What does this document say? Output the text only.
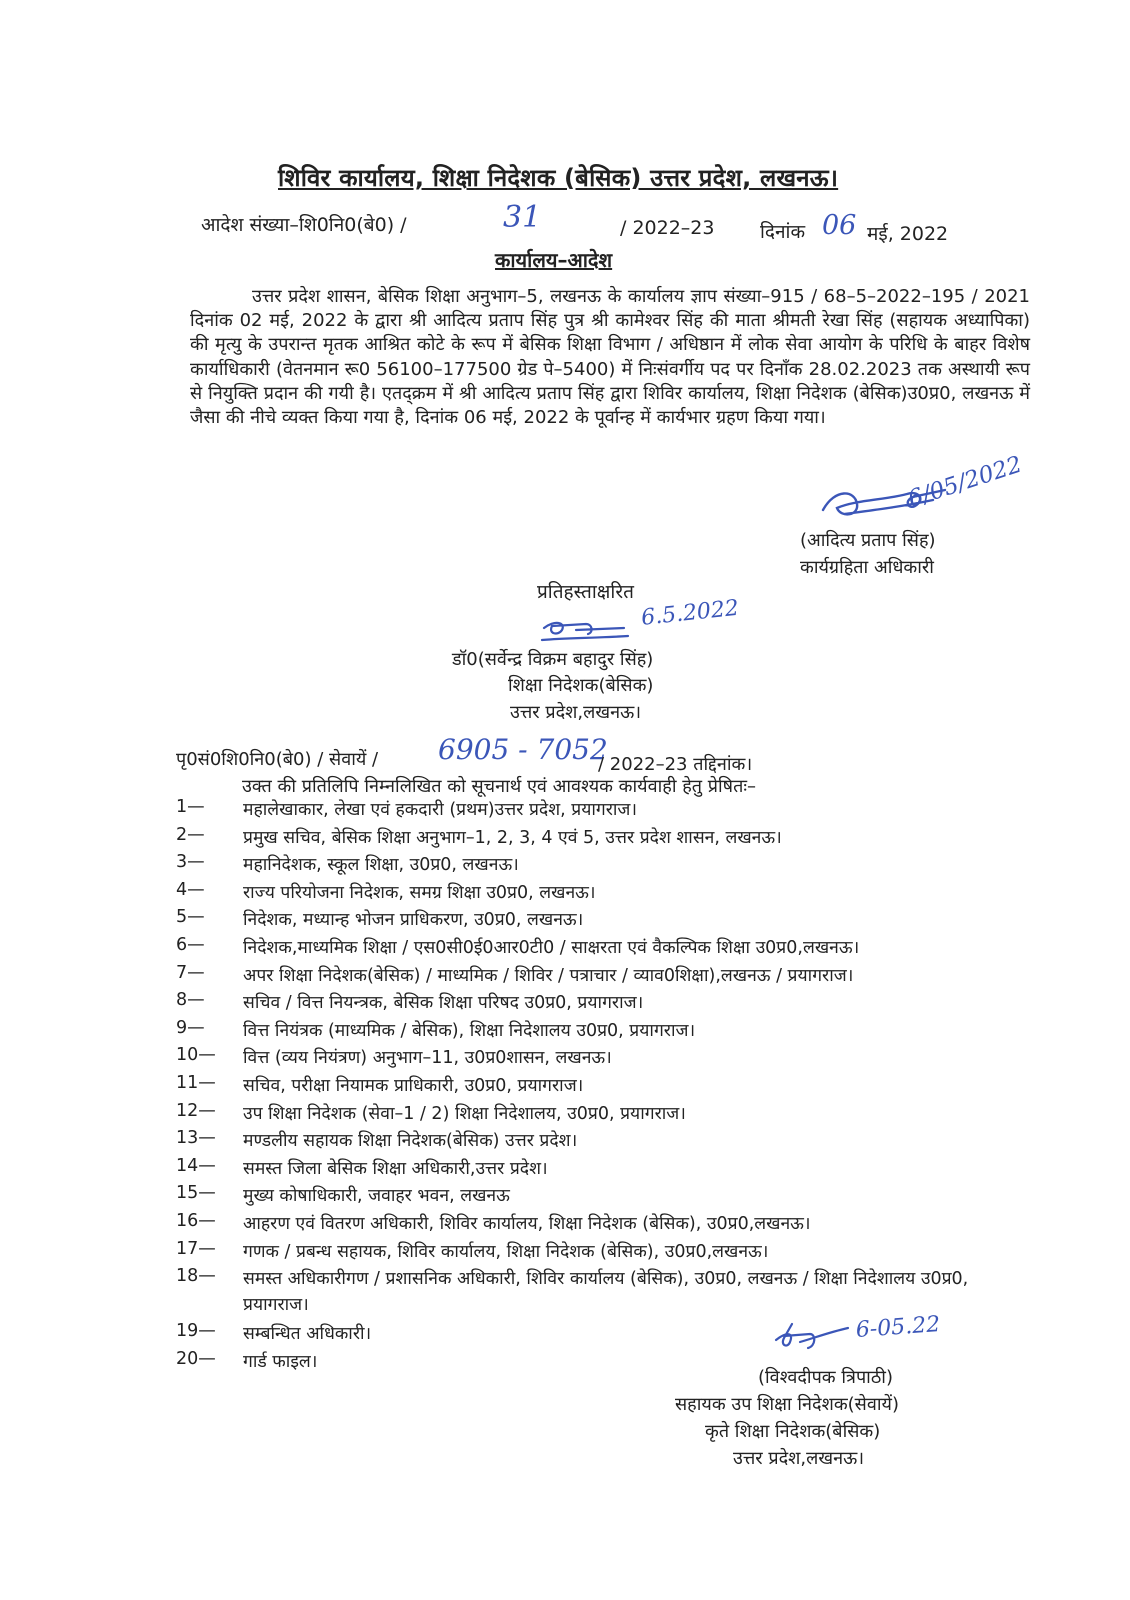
शिविर कार्यालय, शिक्षा निदेशक (बेसिक) उत्तर प्रदेश, लखनऊ।
आदेश संख्या–शि0नि0(बे0) /	31	/ 2022–23 दिनांक 06 मई, 2022
कार्यालय–आदेश

उत्तर प्रदेश शासन, बेसिक शिक्षा अनुभाग–5, लखनऊ के कार्यालय ज्ञाप संख्या–915 / 68–5–2022–195 / 2021 दिनांक 02 मई, 2022 के द्वारा श्री आदित्य प्रताप सिंह पुत्र श्री कामेश्वर सिंह की माता श्रीमती रेखा सिंह (सहायक अध्यापिका) की मृत्यु के उपरान्त मृतक आश्रित कोटे के रूप में बेसिक शिक्षा विभाग / अधिष्ठान में लोक सेवा आयोग के परिधि के बाहर विशेष कार्याधिकारी (वेतनमान रू0 56100–177500 ग्रेड पे–5400) में निःसंवर्गीय पद पर दिनाँक 28.02.2023 तक अस्थायी रूप से नियुक्ति प्रदान की गयी है। एतद्क्रम में श्री आदित्य प्रताप सिंह द्वारा शिविर कार्यालय, शिक्षा निदेशक (बेसिक)उ0प्र0, लखनऊ में जैसा की नीचे व्यक्त किया गया है, दिनांक 06 मई, 2022 के पूर्वान्ह में कार्यभार ग्रहण किया गया।

6/05/2022
(आदित्य प्रताप सिंह)
कार्यग्रहिता अधिकारी
प्रतिहस्ताक्षरित
6.5.2022
डॉ0(सर्वेन्द्र विक्रम बहादुर सिंह)
शिक्षा निदेशक(बेसिक)
उत्तर प्रदेश,लखनऊ।
पृ0सं0शि0नि0(बे0) / सेवायें / 6905 - 7052
/ 2022–23 तद्दिनांक।
उक्त की प्रतिलिपि निम्नलिखित को सूचनार्थ एवं आवश्यक कार्यवाही हेतु प्रेषितः–
1—	महालेखाकार, लेखा एवं हकदारी (प्रथम)उत्तर प्रदेश, प्रयागराज।
2—	प्रमुख सचिव, बेसिक शिक्षा अनुभाग–1, 2, 3, 4 एवं 5, उत्तर प्रदेश शासन, लखनऊ।
3—	महानिदेशक, स्कूल शिक्षा, उ0प्र0, लखनऊ।
4—	राज्य परियोजना निदेशक, समग्र शिक्षा उ0प्र0, लखनऊ।
5—	निदेशक, मध्यान्ह भोजन प्राधिकरण, उ0प्र0, लखनऊ।
6—	निदेशक,माध्यमिक शिक्षा / एस0सी0ई0आर0टी0 / साक्षरता एवं वैकल्पिक शिक्षा उ0प्र0,लखनऊ।
7—	अपर शिक्षा निदेशक(बेसिक) / माध्यमिक / शिविर / पत्राचार / व्याव0शिक्षा),लखनऊ / प्रयागराज।
8—	सचिव / वित्त नियन्त्रक, बेसिक शिक्षा परिषद उ0प्र0, प्रयागराज।
9—	वित्त नियंत्रक (माध्यमिक / बेसिक), शिक्षा निदेशालय उ0प्र0, प्रयागराज।
10—	वित्त (व्यय नियंत्रण) अनुभाग–11, उ0प्र0शासन, लखनऊ।
11—	सचिव, परीक्षा नियामक प्राधिकारी, उ0प्र0, प्रयागराज।
12—	उप शिक्षा निदेशक (सेवा–1 / 2) शिक्षा निदेशालय, उ0प्र0, प्रयागराज।
13—	मण्डलीय सहायक शिक्षा निदेशक(बेसिक) उत्तर प्रदेश।
14—	समस्त जिला बेसिक शिक्षा अधिकारी,उत्तर प्रदेश।
15—	मुख्य कोषाधिकारी, जवाहर भवन, लखनऊ
16—	आहरण एवं वितरण अधिकारी, शिविर कार्यालय, शिक्षा निदेशक (बेसिक), उ0प्र0,लखनऊ।
17—	गणक / प्रबन्ध सहायक, शिविर कार्यालय, शिक्षा निदेशक (बेसिक), उ0प्र0,लखनऊ।
18—	समस्त अधिकारीगण / प्रशासनिक अधिकारी, शिविर कार्यालय (बेसिक), उ0प्र0, लखनऊ / शिक्षा निदेशालय उ0प्र0, प्रयागराज।
19—	सम्बन्धित अधिकारी।
20—	गार्ड फाइल।
6-05.22
(विश्वदीपक त्रिपाठी)
सहायक उप शिक्षा निदेशक(सेवायें)
कृते शिक्षा निदेशक(बेसिक)
उत्तर प्रदेश,लखनऊ।
